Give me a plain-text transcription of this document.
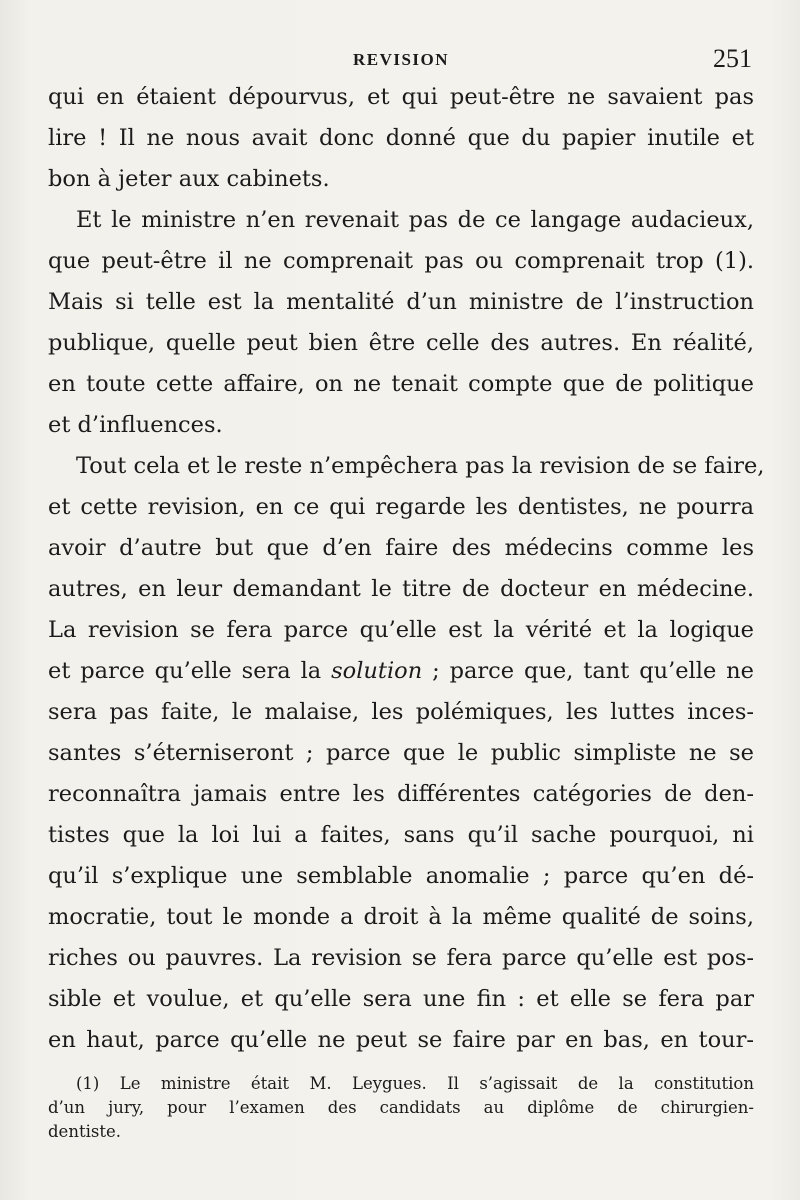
REVISION	251
qui en étaient dépourvus, et qui peut-être ne savaient pas
lire ! Il ne nous avait donc donné que du papier inutile et
bon à jeter aux cabinets.
Et le ministre n’en revenait pas de ce langage audacieux,
que peut-être il ne comprenait pas ou comprenait trop (1).
Mais si telle est la mentalité d’un ministre de l’instruction
publique, quelle peut bien être celle des autres. En réalité,
en toute cette affaire, on ne tenait compte que de politique
et d’influences.
Tout cela et le reste n’empêchera pas la revision de se faire,
et cette revision, en ce qui regarde les dentistes, ne pourra
avoir d’autre but que d’en faire des médecins comme les
autres, en leur demandant le titre de docteur en médecine.
La revision se fera parce qu’elle est la vérité et la logique
et parce qu’elle sera la solution ; parce que, tant qu’elle ne
sera pas faite, le malaise, les polémiques, les luttes inces-
santes s’éterniseront ; parce que le public simpliste ne se
reconnaîtra jamais entre les différentes catégories de den-
tistes que la loi lui a faites, sans qu’il sache pourquoi, ni
qu’il s’explique une semblable anomalie ; parce qu’en dé-
mocratie, tout le monde a droit à la même qualité de soins,
riches ou pauvres. La revision se fera parce qu’elle est pos-
sible et voulue, et qu’elle sera une fin : et elle se fera par
en haut, parce qu’elle ne peut se faire par en bas, en tour-
(1) Le ministre était M. Leygues. Il s’agissait de la constitution
d’un jury, pour l’examen des candidats au diplôme de chirurgien-
dentiste.
